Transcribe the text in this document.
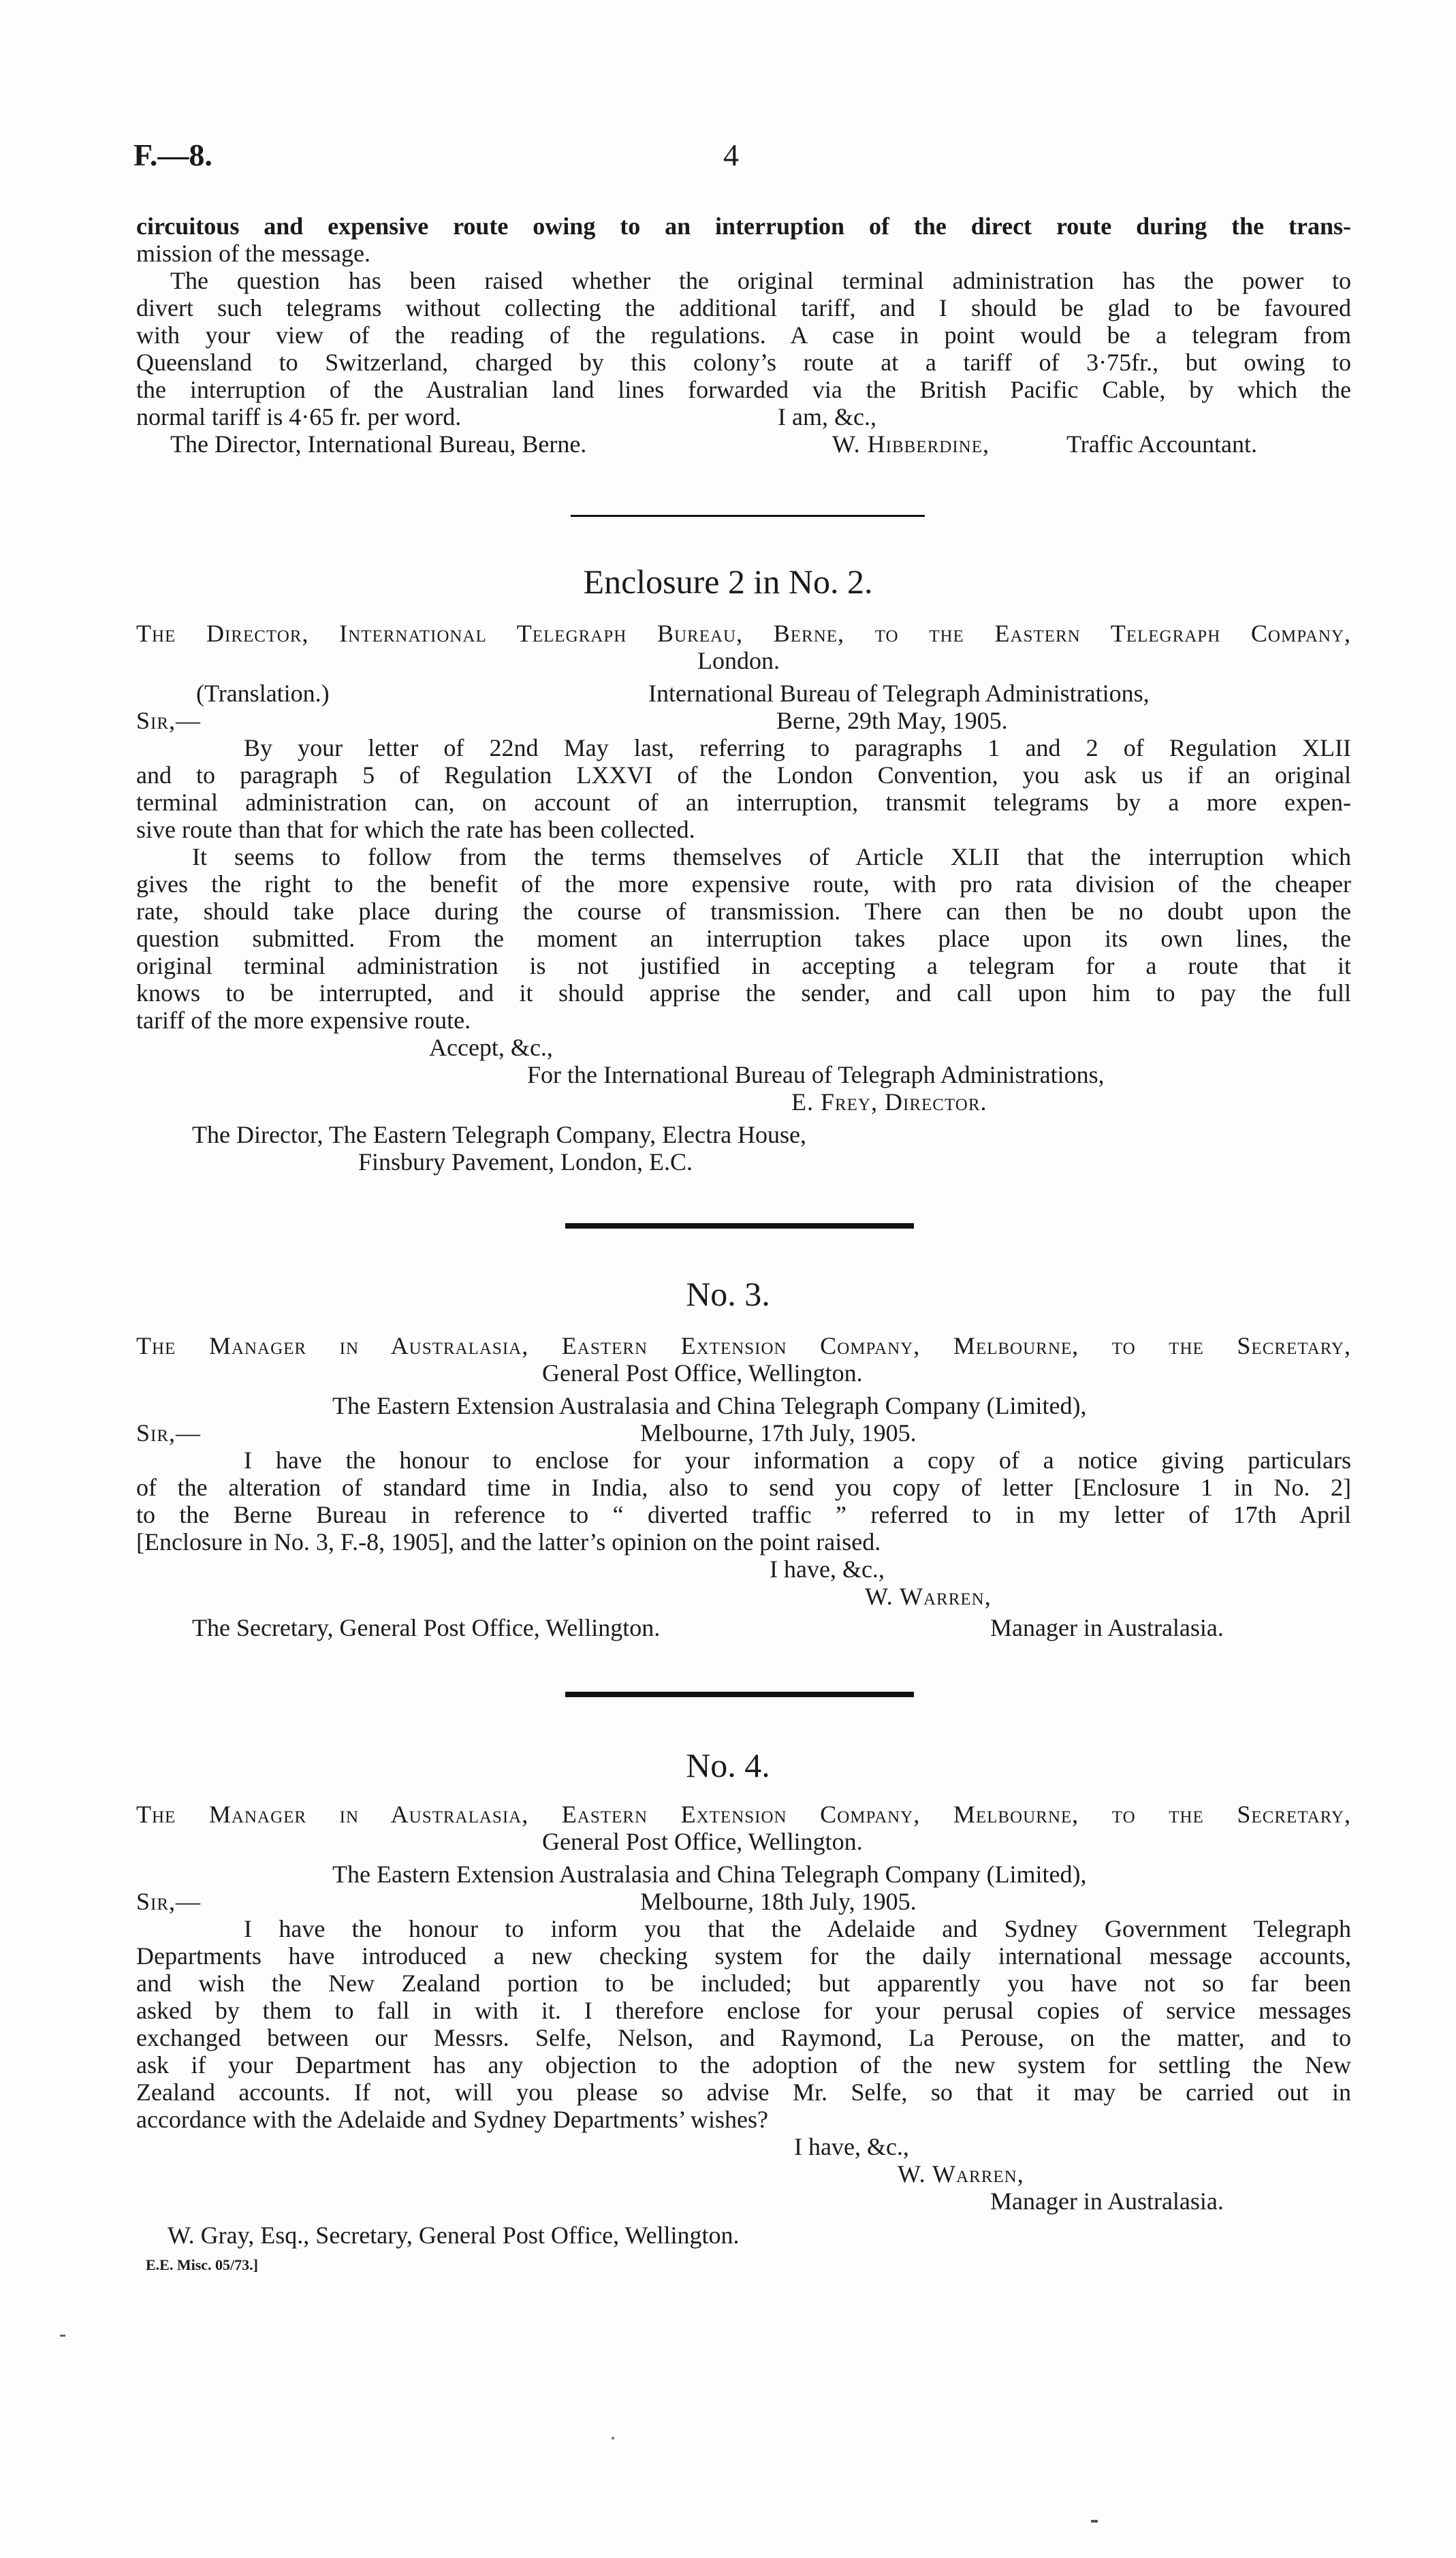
F.—8.	4
circuitous and expensive route owing to an interruption of the direct route during the trans-
mission of the message.
The question has been raised whether the original terminal administration has the power to
divert such telegrams without collecting the additional tariff, and I should be glad to be favoured
with your view of the reading of the regulations. A case in point would be a telegram from
Queensland to Switzerland, charged by this colony’s route at a tariff of 3·75fr., but owing to
the interruption of the Australian land lines forwarded via the British Pacific Cable, by which the
normal tariff is 4·65 fr. per word.	I am, &c.,
The Director, International Bureau, Berne.	W. Hibberdine,	Traffic Accountant.
Enclosure 2 in No. 2.
The Director, International Telegraph Bureau, Berne, to the Eastern Telegraph Company,
London.
(Translation.)	International Bureau of Telegraph Administrations,
Sir,—	Berne, 29th May, 1905.
By your letter of 22nd May last, referring to paragraphs 1 and 2 of Regulation XLII
and to paragraph 5 of Regulation LXXVI of the London Convention, you ask us if an original
terminal administration can, on account of an interruption, transmit telegrams by a more expen-
sive route than that for which the rate has been collected.
It seems to follow from the terms themselves of Article XLII that the interruption which
gives the right to the benefit of the more expensive route, with pro rata division of the cheaper
rate, should take place during the course of transmission. There can then be no doubt upon the
question submitted. From the moment an interruption takes place upon its own lines, the
original terminal administration is not justified in accepting a telegram for a route that it
knows to be interrupted, and it should apprise the sender, and call upon him to pay the full
tariff of the more expensive route.
Accept, &c.,
For the International Bureau of Telegraph Administrations,
E. Frey, Director.
The Director, The Eastern Telegraph Company, Electra House,
Finsbury Pavement, London, E.C.
No. 3.
The Manager in Australasia, Eastern Extension Company, Melbourne, to the Secretary,
General Post Office, Wellington.
The Eastern Extension Australasia and China Telegraph Company (Limited),
Sir,—	Melbourne, 17th July, 1905.
I have the honour to enclose for your information a copy of a notice giving particulars
of the alteration of standard time in India, also to send you copy of letter [Enclosure 1 in No. 2]
to the Berne Bureau in reference to “ diverted traffic ” referred to in my letter of 17th April
[Enclosure in No. 3, F.-8, 1905], and the latter’s opinion on the point raised.
I have, &c.,
W. Warren,
The Secretary, General Post Office, Wellington.	Manager in Australasia.
No. 4.
The Manager in Australasia, Eastern Extension Company, Melbourne, to the Secretary,
General Post Office, Wellington.
The Eastern Extension Australasia and China Telegraph Company (Limited),
Sir,—	Melbourne, 18th July, 1905.
I have the honour to inform you that the Adelaide and Sydney Government Telegraph
Departments have introduced a new checking system for the daily international message accounts,
and wish the New Zealand portion to be included; but apparently you have not so far been
asked by them to fall in with it. I therefore enclose for your perusal copies of service messages
exchanged between our Messrs. Selfe, Nelson, and Raymond, La Perouse, on the matter, and to
ask if your Department has any objection to the adoption of the new system for settling the New
Zealand accounts. If not, will you please so advise Mr. Selfe, so that it may be carried out in
accordance with the Adelaide and Sydney Departments’ wishes?
I have, &c.,
W. Warren,
Manager in Australasia.
W. Gray, Esq., Secretary, General Post Office, Wellington.
E.E. Misc. 05/73.]
